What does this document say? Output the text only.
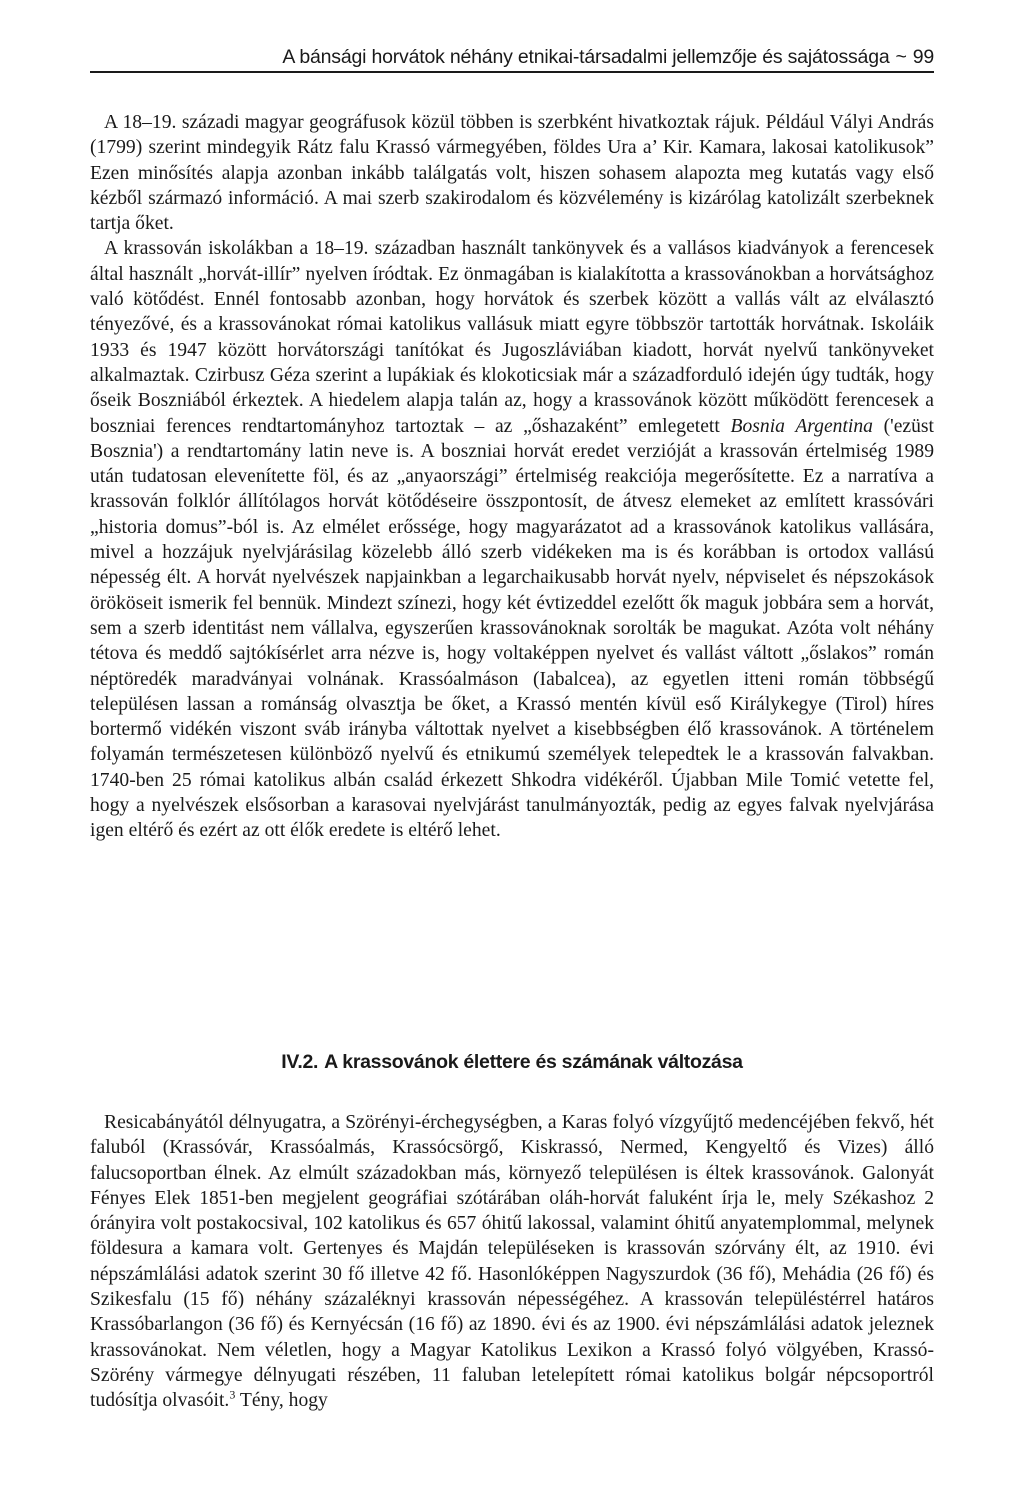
A bánsági horvátok néhány etnikai-társadalmi jellemzője és sajátossága ~ 99

A 18–19. századi magyar geográfusok közül többen is szerbként hivatkoztak rájuk. Például Vályi András (1799) szerint mindegyik Rátz falu Krassó vármegyében, földes Ura a’ Kir. Kamara, lakosai katolikusok” Ezen minősítés alapja azonban inkább találgatás volt, hiszen sohasem alapozta meg kutatás vagy első kézből származó információ. A mai szerb szakirodalom és közvélemény is kizárólag katolizált szerbeknek tartja őket.

A krassován iskolákban a 18–19. században használt tankönyvek és a vallásos kiadványok a ferencesek által használt „horvát-illír” nyelven íródtak. Ez önmagában is kialakította a krassovánokban a horvátsághoz való kötődést. Ennél fontosabb azonban, hogy horvátok és szerbek között a vallás vált az elválasztó tényezővé, és a krassovánokat római katolikus vallásuk miatt egyre többször tartották horvátnak. Iskoláik 1933 és 1947 között horvátországi tanítókat és Jugoszláviában kiadott, horvát nyelvű tankönyveket alkalmaztak. Czirbusz Géza szerint a lupákiak és klokoticsiak már a századforduló idején úgy tudták, hogy őseik Boszniából érkeztek. A hiedelem alapja talán az, hogy a krassovánok között működött ferencesek a boszniai ferences rendtartományhoz tartoztak – az „őshazaként” emlegetett Bosnia Argentina ('ezüst Bosznia') a rendtartomány latin neve is. A boszniai horvát eredet verzióját a krassován értelmiség 1989 után tudatosan elevenítette föl, és az „anyaországi” értelmiség reakciója megerősítette. Ez a narratíva a krassován folklór állítólagos horvát kötődéseire összpontosít, de átvesz elemeket az említett krassóvári „historia domus”-ból is. Az elmélet erőssége, hogy magyarázatot ad a krassovánok katolikus vallására, mivel a hozzájuk nyelvjárásilag közelebb álló szerb vidékeken ma is és korábban is ortodox vallású népesség élt. A horvát nyelvészek napjainkban a legarchaikusabb horvát nyelv, népviselet és népszokások örököseit ismerik fel bennük. Mindezt színezi, hogy két évtizeddel ezelőtt ők maguk jobbára sem a horvát, sem a szerb identitást nem vállalva, egyszerűen krassovánoknak sorolták be magukat. Azóta volt néhány tétova és meddő sajtókísérlet arra nézve is, hogy voltaképpen nyelvet és vallást váltott „őslakos” román néptöredék maradványai volnának. Krassóalmáson (Iabalcea), az egyetlen itteni román többségű településen lassan a románság olvasztja be őket, a Krassó mentén kívül eső Királykegye (Tirol) híres bortermő vidékén viszont sváb irányba váltottak nyelvet a kisebbségben élő krassovánok. A történelem folyamán természetesen különböző nyelvű és etnikumú személyek telepedtek le a krassován falvakban. 1740-ben 25 római katolikus albán család érkezett Shkodra vidékéről. Újabban Mile Tomić vetette fel, hogy a nyelvészek elsősorban a karasovai nyelvjárást tanulmányozták, pedig az egyes falvak nyelvjárása igen eltérő és ezért az ott élők eredete is eltérő lehet.

IV.2. A krassovánok élettere és számának változása

Resicabányától délnyugatra, a Szörényi-érchegységben, a Karas folyó vízgyűjtő medencéjében fekvő, hét faluból (Krassóvár, Krassóalmás, Krassócsörgő, Kiskrassó, Nermed, Kengyeltő és Vizes) álló falucsoportban élnek. Az elmúlt századokban más, környező településen is éltek krassovánok. Galonyát Fényes Elek 1851-ben megjelent geográfiai szótárában oláh-horvát faluként írja le, mely Székashoz 2 órányira volt postakocsival, 102 katolikus és 657 óhitű lakossal, valamint óhitű anyatemplommal, melynek földesura a kamara volt. Gertenyes és Majdán településeken is krassován szórvány élt, az 1910. évi népszámlálási adatok szerint 30 fő illetve 42 fő. Hasonlóképpen Nagyszurdok (36 fő), Mehádia (26 fő) és Szikesfalu (15 fő) néhány százaléknyi krassován népességéhez. A krassován településtérrel határos Krassóbarlangon (36 fő) és Kernyécsán (16 fő) az 1890. évi és az 1900. évi népszámlálási adatok jeleznek krassovánokat. Nem véletlen, hogy a Magyar Katolikus Lexikon a Krassó folyó völgyében, Krassó-Szörény vármegye délnyugati részében, 11 faluban letelepített római katolikus bolgár népcsoportról tudósítja olvasóit.$^3$ Tény, hogy
